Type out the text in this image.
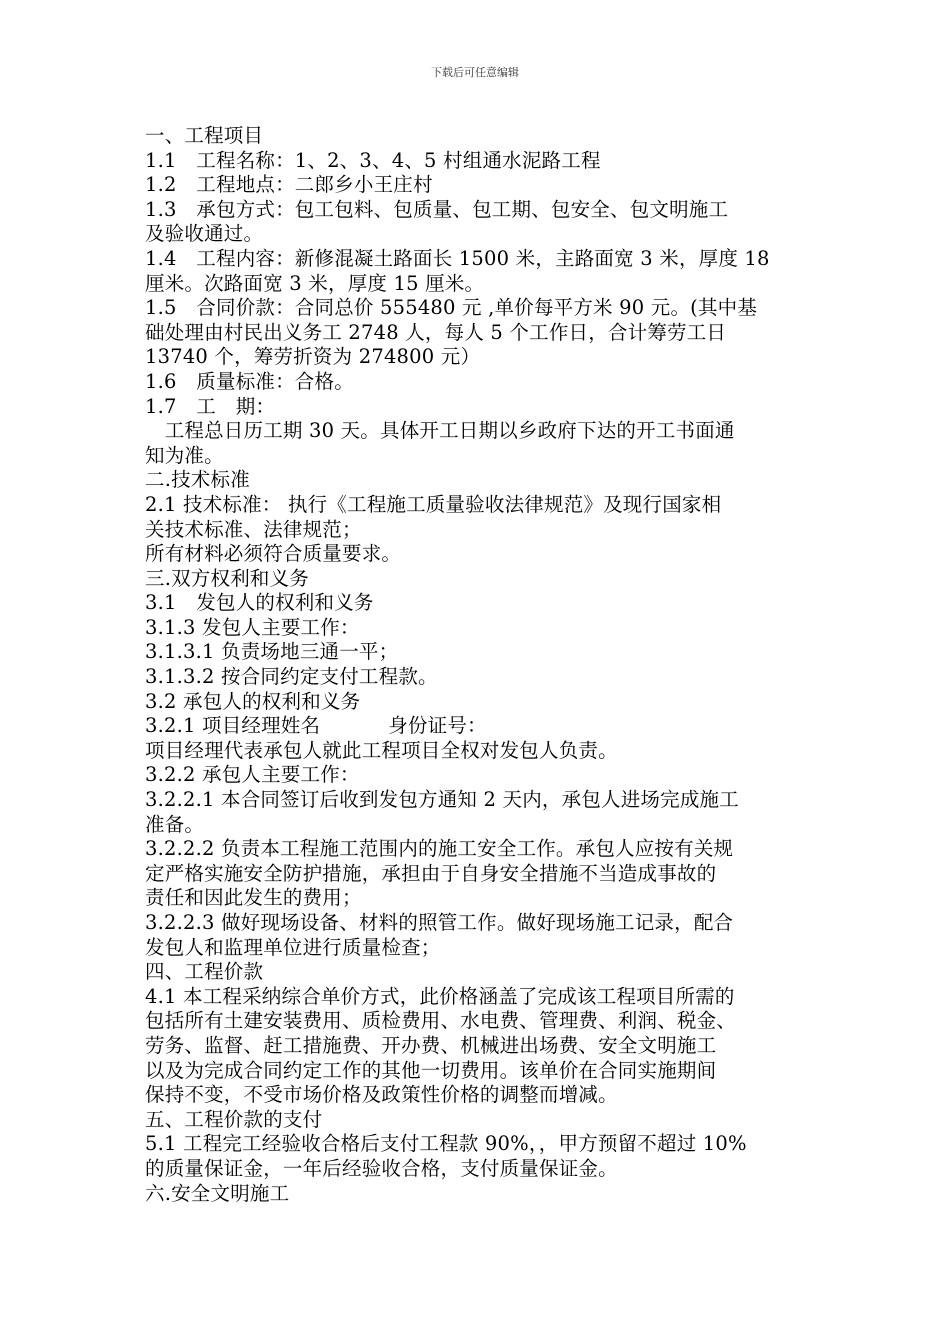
下载后可任意编辑
一、工程项目
1.1　工程名称：1、2、3、4、5 村组通水泥路工程
1.2　工程地点：二郎乡小王庄村
1.3　承包方式：包工包料、包质量、包工期、包安全、包文明施工
及验收通过。
1.4　工程内容：新修混凝土路面长 1500 米，主路面宽 3 米，厚度 18
厘米。次路面宽 3 米，厚度 15 厘米。
1.5　合同价款：合同总价 555480 元 ,单价每平方米 90 元。(其中基
础处理由村民出义务工 2748 人，每人 5 个工作日，合计筹劳工日
13740 个，筹劳折资为 274800 元）
1.6　质量标准：合格。
1.7　工　期：
　工程总日历工期 30 天。具体开工日期以乡政府下达的开工书面通
知为准。
二.技术标准
2.1 技术标准： 执行《工程施工质量验收法律规范》及现行国家相
关技术标准、法律规范；
所有材料必须符合质量要求。
三.双方权利和义务
3.1　发包人的权利和义务
3.1.3 发包人主要工作：
3.1.3.1 负责场地三通一平；
3.1.3.2 按合同约定支付工程款。
3.2 承包人的权利和义务
3.2.1 项目经理姓名	身份证号：
项目经理代表承包人就此工程项目全权对发包人负责。
3.2.2 承包人主要工作：
3.2.2.1 本合同签订后收到发包方通知 2 天内，承包人进场完成施工
准备。
3.2.2.2 负责本工程施工范围内的施工安全工作。承包人应按有关规
定严格实施安全防护措施，承担由于自身安全措施不当造成事故的
责任和因此发生的费用；
3.2.2.3 做好现场设备、材料的照管工作。做好现场施工记录，配合
发包人和监理单位进行质量检查；
四、工程价款
4.1 本工程采纳综合单价方式，此价格涵盖了完成该工程项目所需的
包括所有土建安装费用、质检费用、水电费、管理费、利润、税金、
劳务、监督、赶工措施费、开办费、机械进出场费、安全文明施工
以及为完成合同约定工作的其他一切费用。该单价在合同实施期间
保持不变，不受市场价格及政策性价格的调整而增减。
五、工程价款的支付
5.1 工程完工经验收合格后支付工程款 90%，，甲方预留不超过 10%
的质量保证金，一年后经验收合格，支付质量保证金。
六.安全文明施工
